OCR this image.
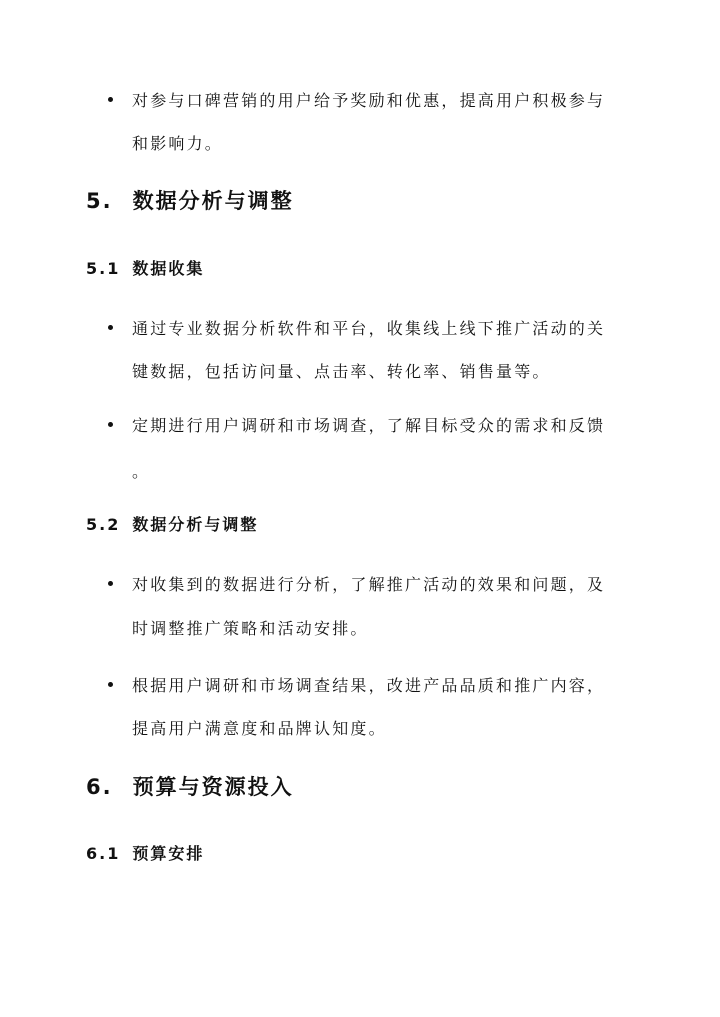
对参与口碑营销的用户给予奖励和优惠，提高用户积极参与
和影响力。
5. 数据分析与调整
5.1 数据收集
通过专业数据分析软件和平台，收集线上线下推广活动的关
键数据，包括访问量、点击率、转化率、销售量等。
定期进行用户调研和市场调查，了解目标受众的需求和反馈
。
5.2 数据分析与调整
对收集到的数据进行分析，了解推广活动的效果和问题，及
时调整推广策略和活动安排。
根据用户调研和市场调查结果，改进产品品质和推广内容，
提高用户满意度和品牌认知度。
6. 预算与资源投入
6.1 预算安排
